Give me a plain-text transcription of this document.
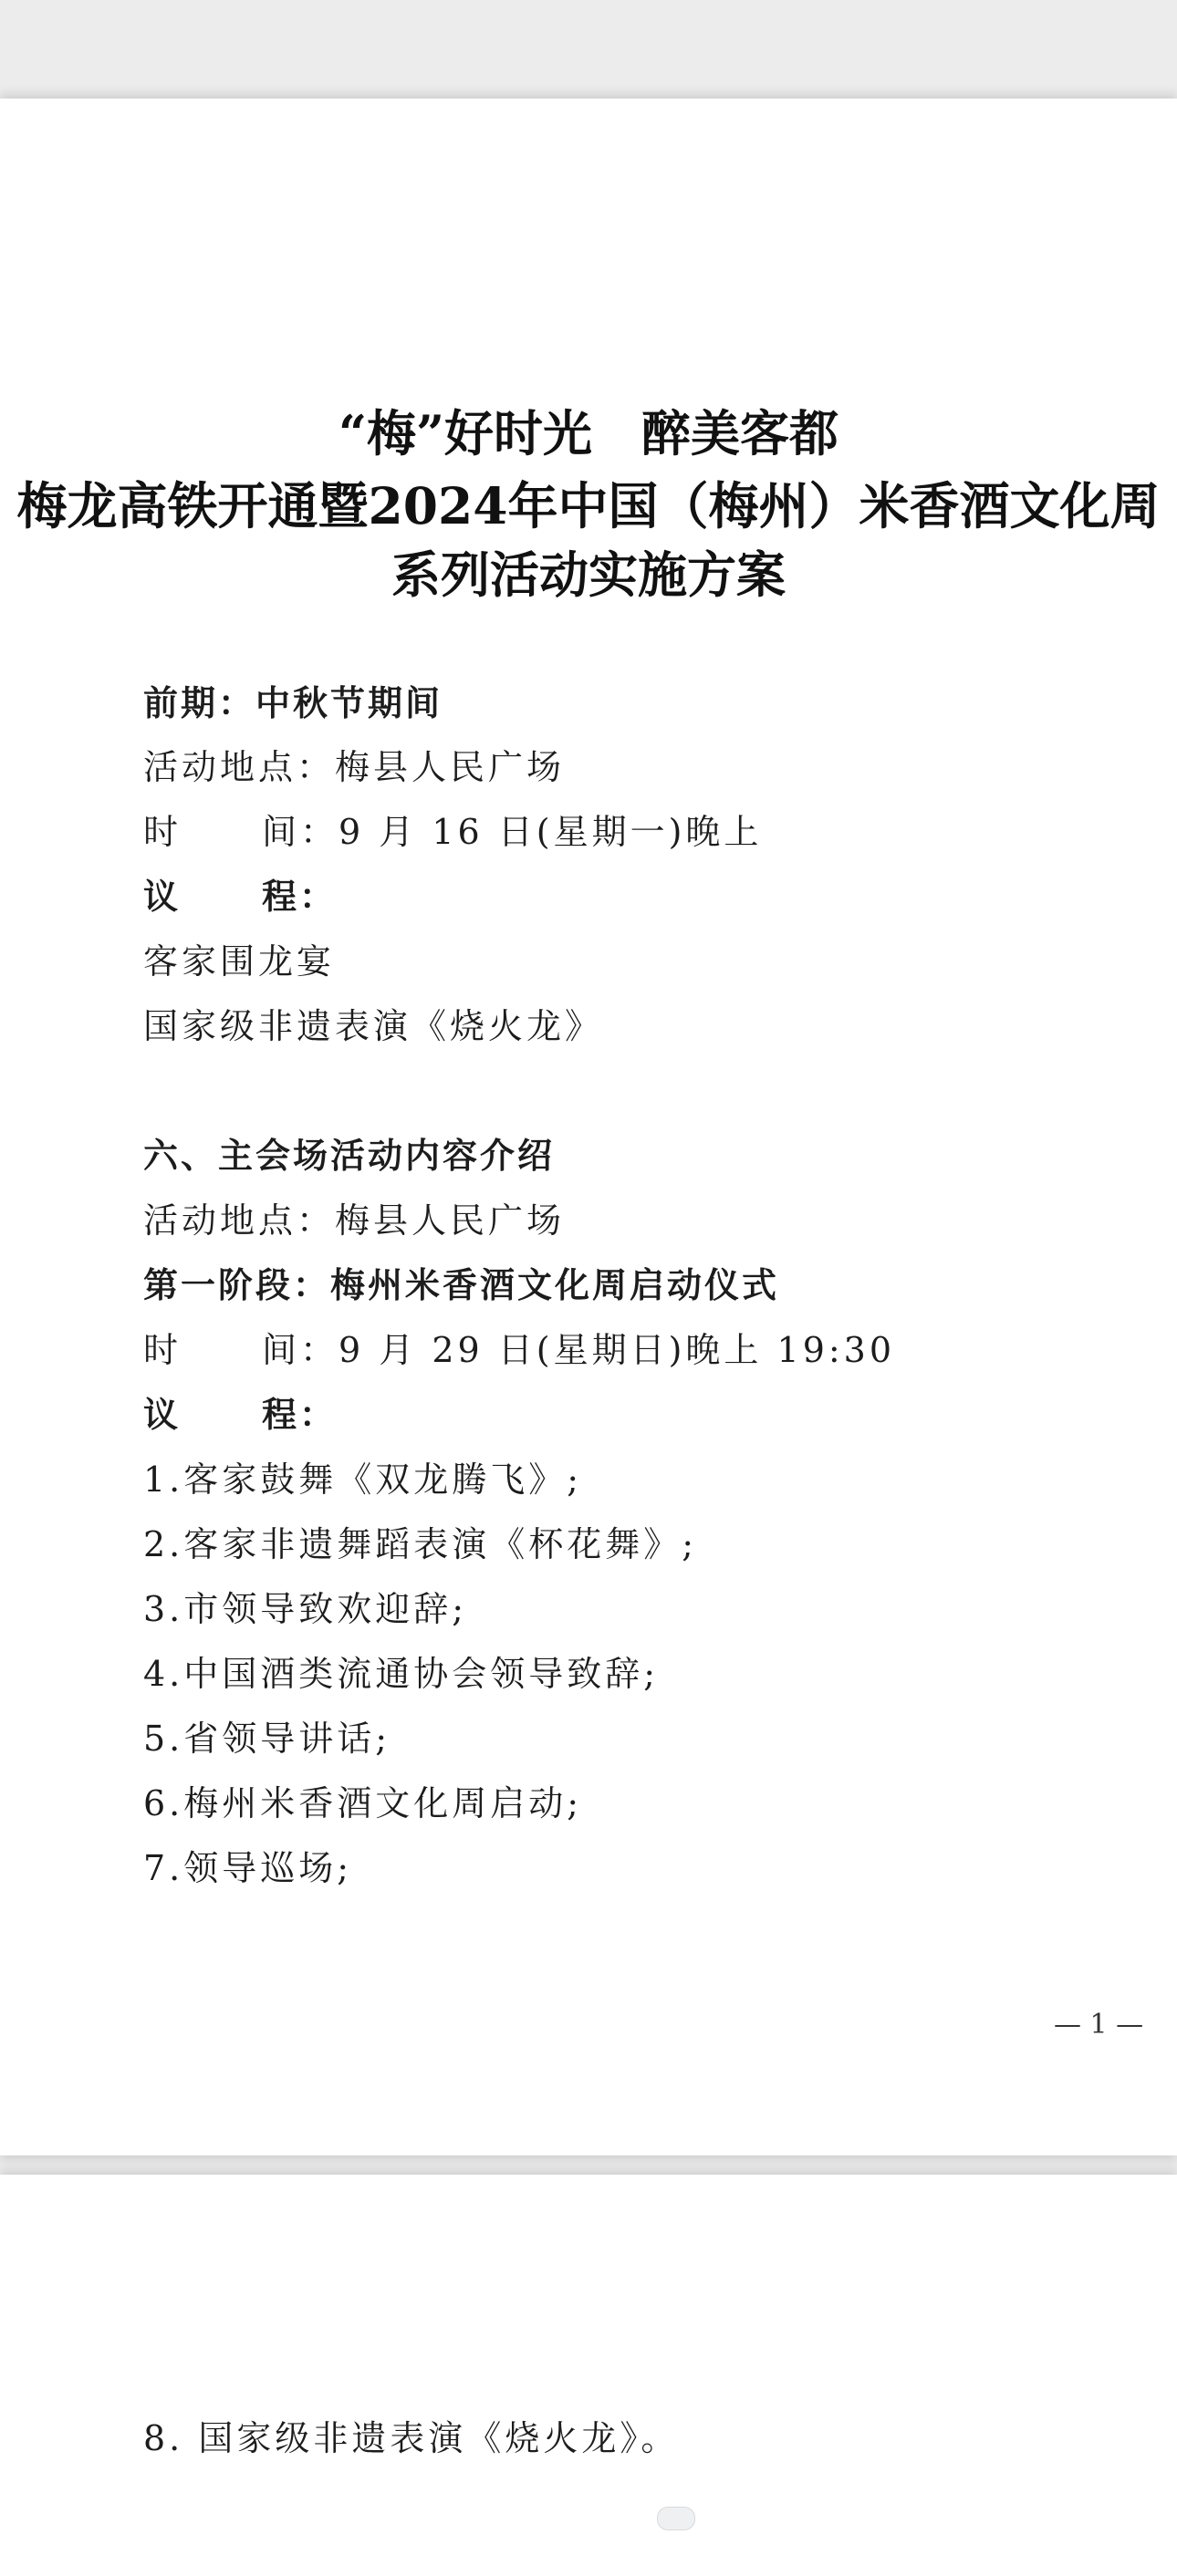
“梅”好时光　醉美客都
梅龙高铁开通暨2024年中国（梅州）米香酒文化周
系列活动实施方案
前期：中秋节期间
活动地点：梅县人民广场
时 间：9 月 16 日(星期一)晚上
议 程：
客家围龙宴
国家级非遗表演《烧火龙》
六、主会场活动内容介绍
活动地点：梅县人民广场
第一阶段：梅州米香酒文化周启动仪式
时 间：9 月 29 日(星期日)晚上 19:30
议 程：
1.客家鼓舞《双龙腾飞》;
2.客家非遗舞蹈表演《杯花舞》;
3.市领导致欢迎辞;
4.中国酒类流通协会领导致辞;
5.省领导讲话;
6.梅州米香酒文化周启动;
7.领导巡场;
— 1 —
8. 国家级非遗表演《烧火龙》。
